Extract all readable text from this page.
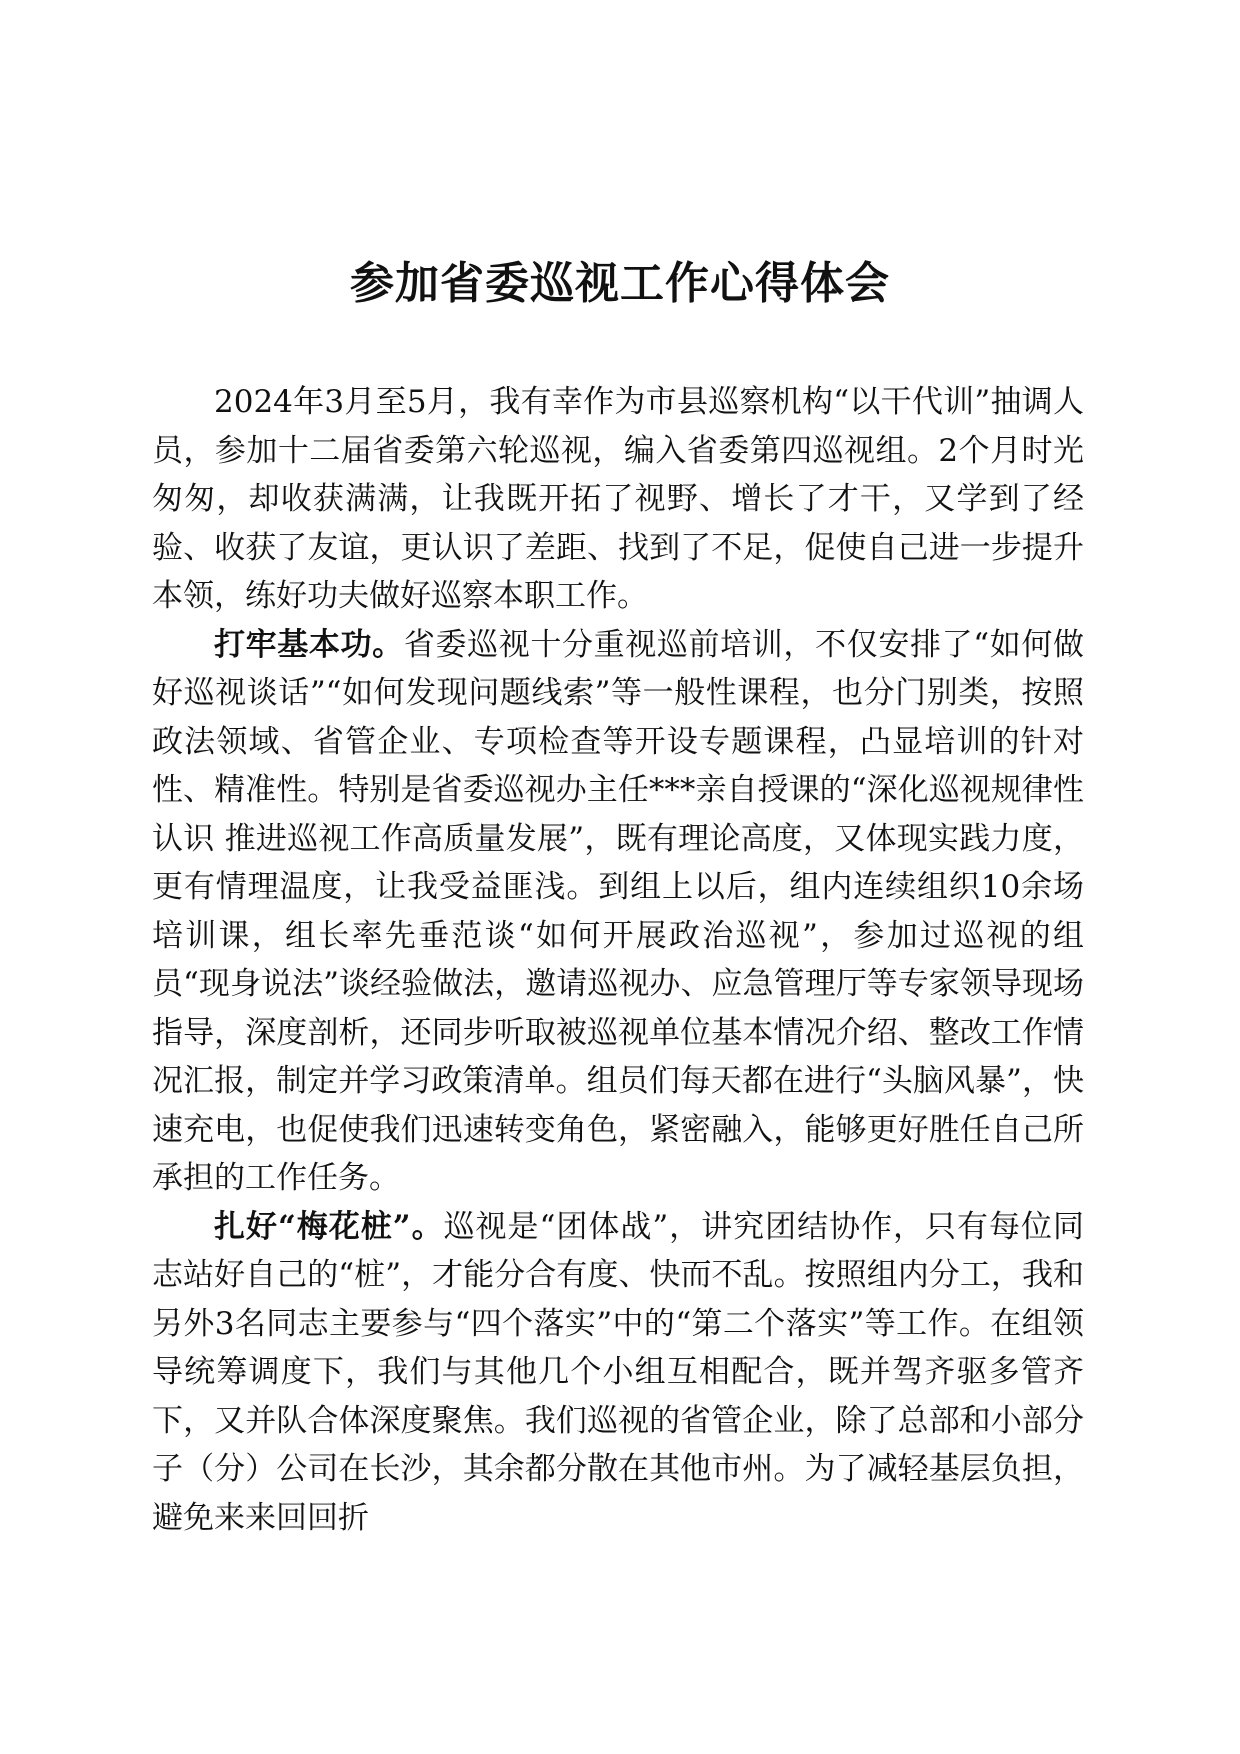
参加省委巡视工作心得体会

2024年3月至5月，我有幸作为市县巡察机构“以干代训”抽调人员，参加十二届省委第六轮巡视，编入省委第四巡视组。2个月时光匆匆，却收获满满，让我既开拓了视野、增长了才干，又学到了经验、收获了友谊，更认识了差距、找到了不足，促使自己进一步提升本领，练好功夫做好巡察本职工作。

打牢基本功。省委巡视十分重视巡前培训，不仅安排了“如何做好巡视谈话”“如何发现问题线索”等一般性课程，也分门别类，按照政法领域、省管企业、专项检查等开设专题课程，凸显培训的针对性、精准性。特别是省委巡视办主任***亲自授课的“深化巡视规律性认识 推进巡视工作高质量发展”，既有理论高度，又体现实践力度，更有情理温度，让我受益匪浅。到组上以后，组内连续组织10余场培训课，组长率先垂范谈“如何开展政治巡视”，参加过巡视的组员“现身说法”谈经验做法，邀请巡视办、应急管理厅等专家领导现场指导，深度剖析，还同步听取被巡视单位基本情况介绍、整改工作情况汇报，制定并学习政策清单。组员们每天都在进行“头脑风暴”，快速充电，也促使我们迅速转变角色，紧密融入，能够更好胜任自己所承担的工作任务。

扎好“梅花桩”。巡视是“团体战”，讲究团结协作，只有每位同志站好自己的“桩”，才能分合有度、快而不乱。按照组内分工，我和另外3名同志主要参与“四个落实”中的“第二个落实”等工作。在组领导统筹调度下，我们与其他几个小组互相配合，既并驾齐驱多管齐下，又并队合体深度聚焦。我们巡视的省管企业，除了总部和小部分子（分）公司在长沙，其余都分散在其他市州。为了减轻基层负担，避免来来回回折
